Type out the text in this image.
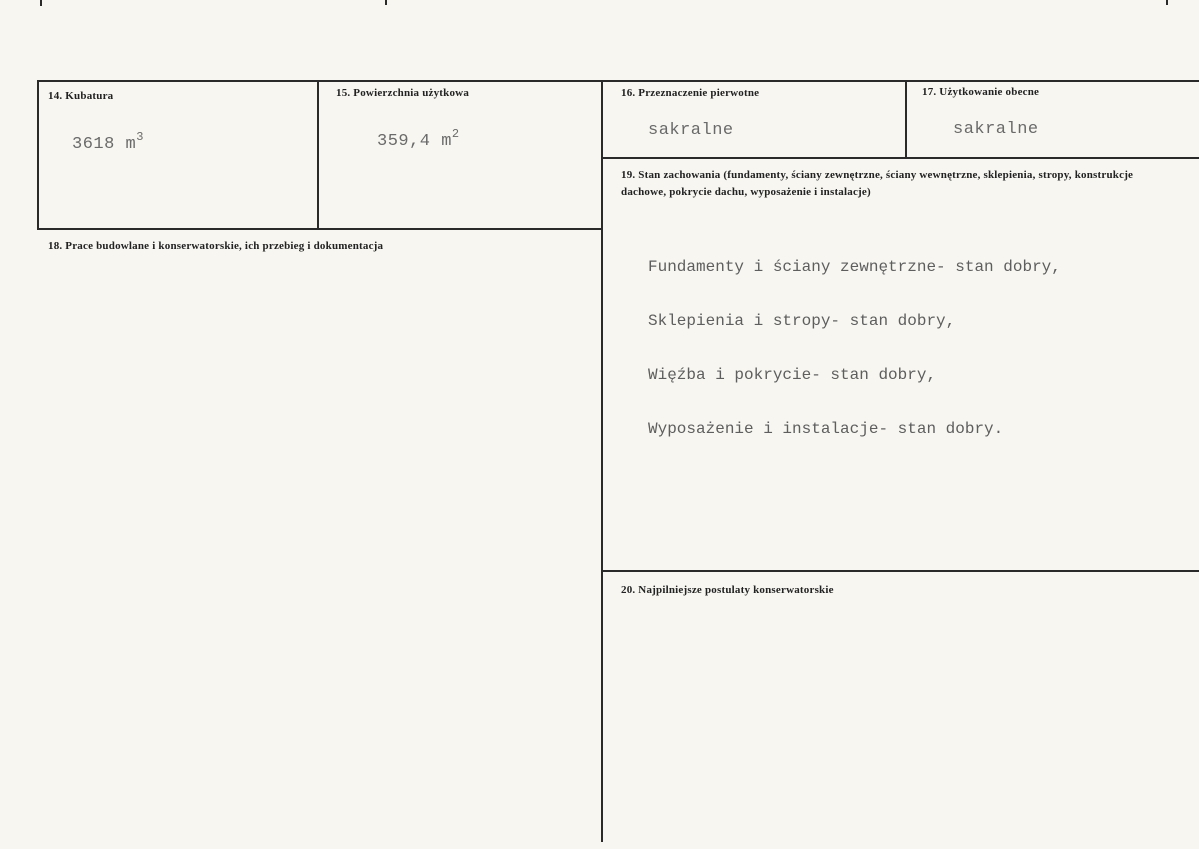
14. Kubatura
3618 $m^3$
15. Powierzchnia użytkowa
359,4 $m^2$
16. Przeznaczenie pierwotne
sakralne
17. Użytkowanie obecne
sakralne
18. Prace budowlane i konserwatorskie, ich przebieg i dokumentacja
19. Stan zachowania (fundamenty, ściany zewnętrzne, ściany wewnętrzne, sklepienia, stropy, konstrukcje dachowe, pokrycie dachu, wyposażenie i instalacje)

Fundamenty i ściany zewnętrzne- stan dobry,

Sklepienia i stropy- stan dobry,

Więźba i pokrycie- stan dobry,

Wyposażenie i instalacje- stan dobry.

20. Najpilniejsze postulaty konserwatorskie
